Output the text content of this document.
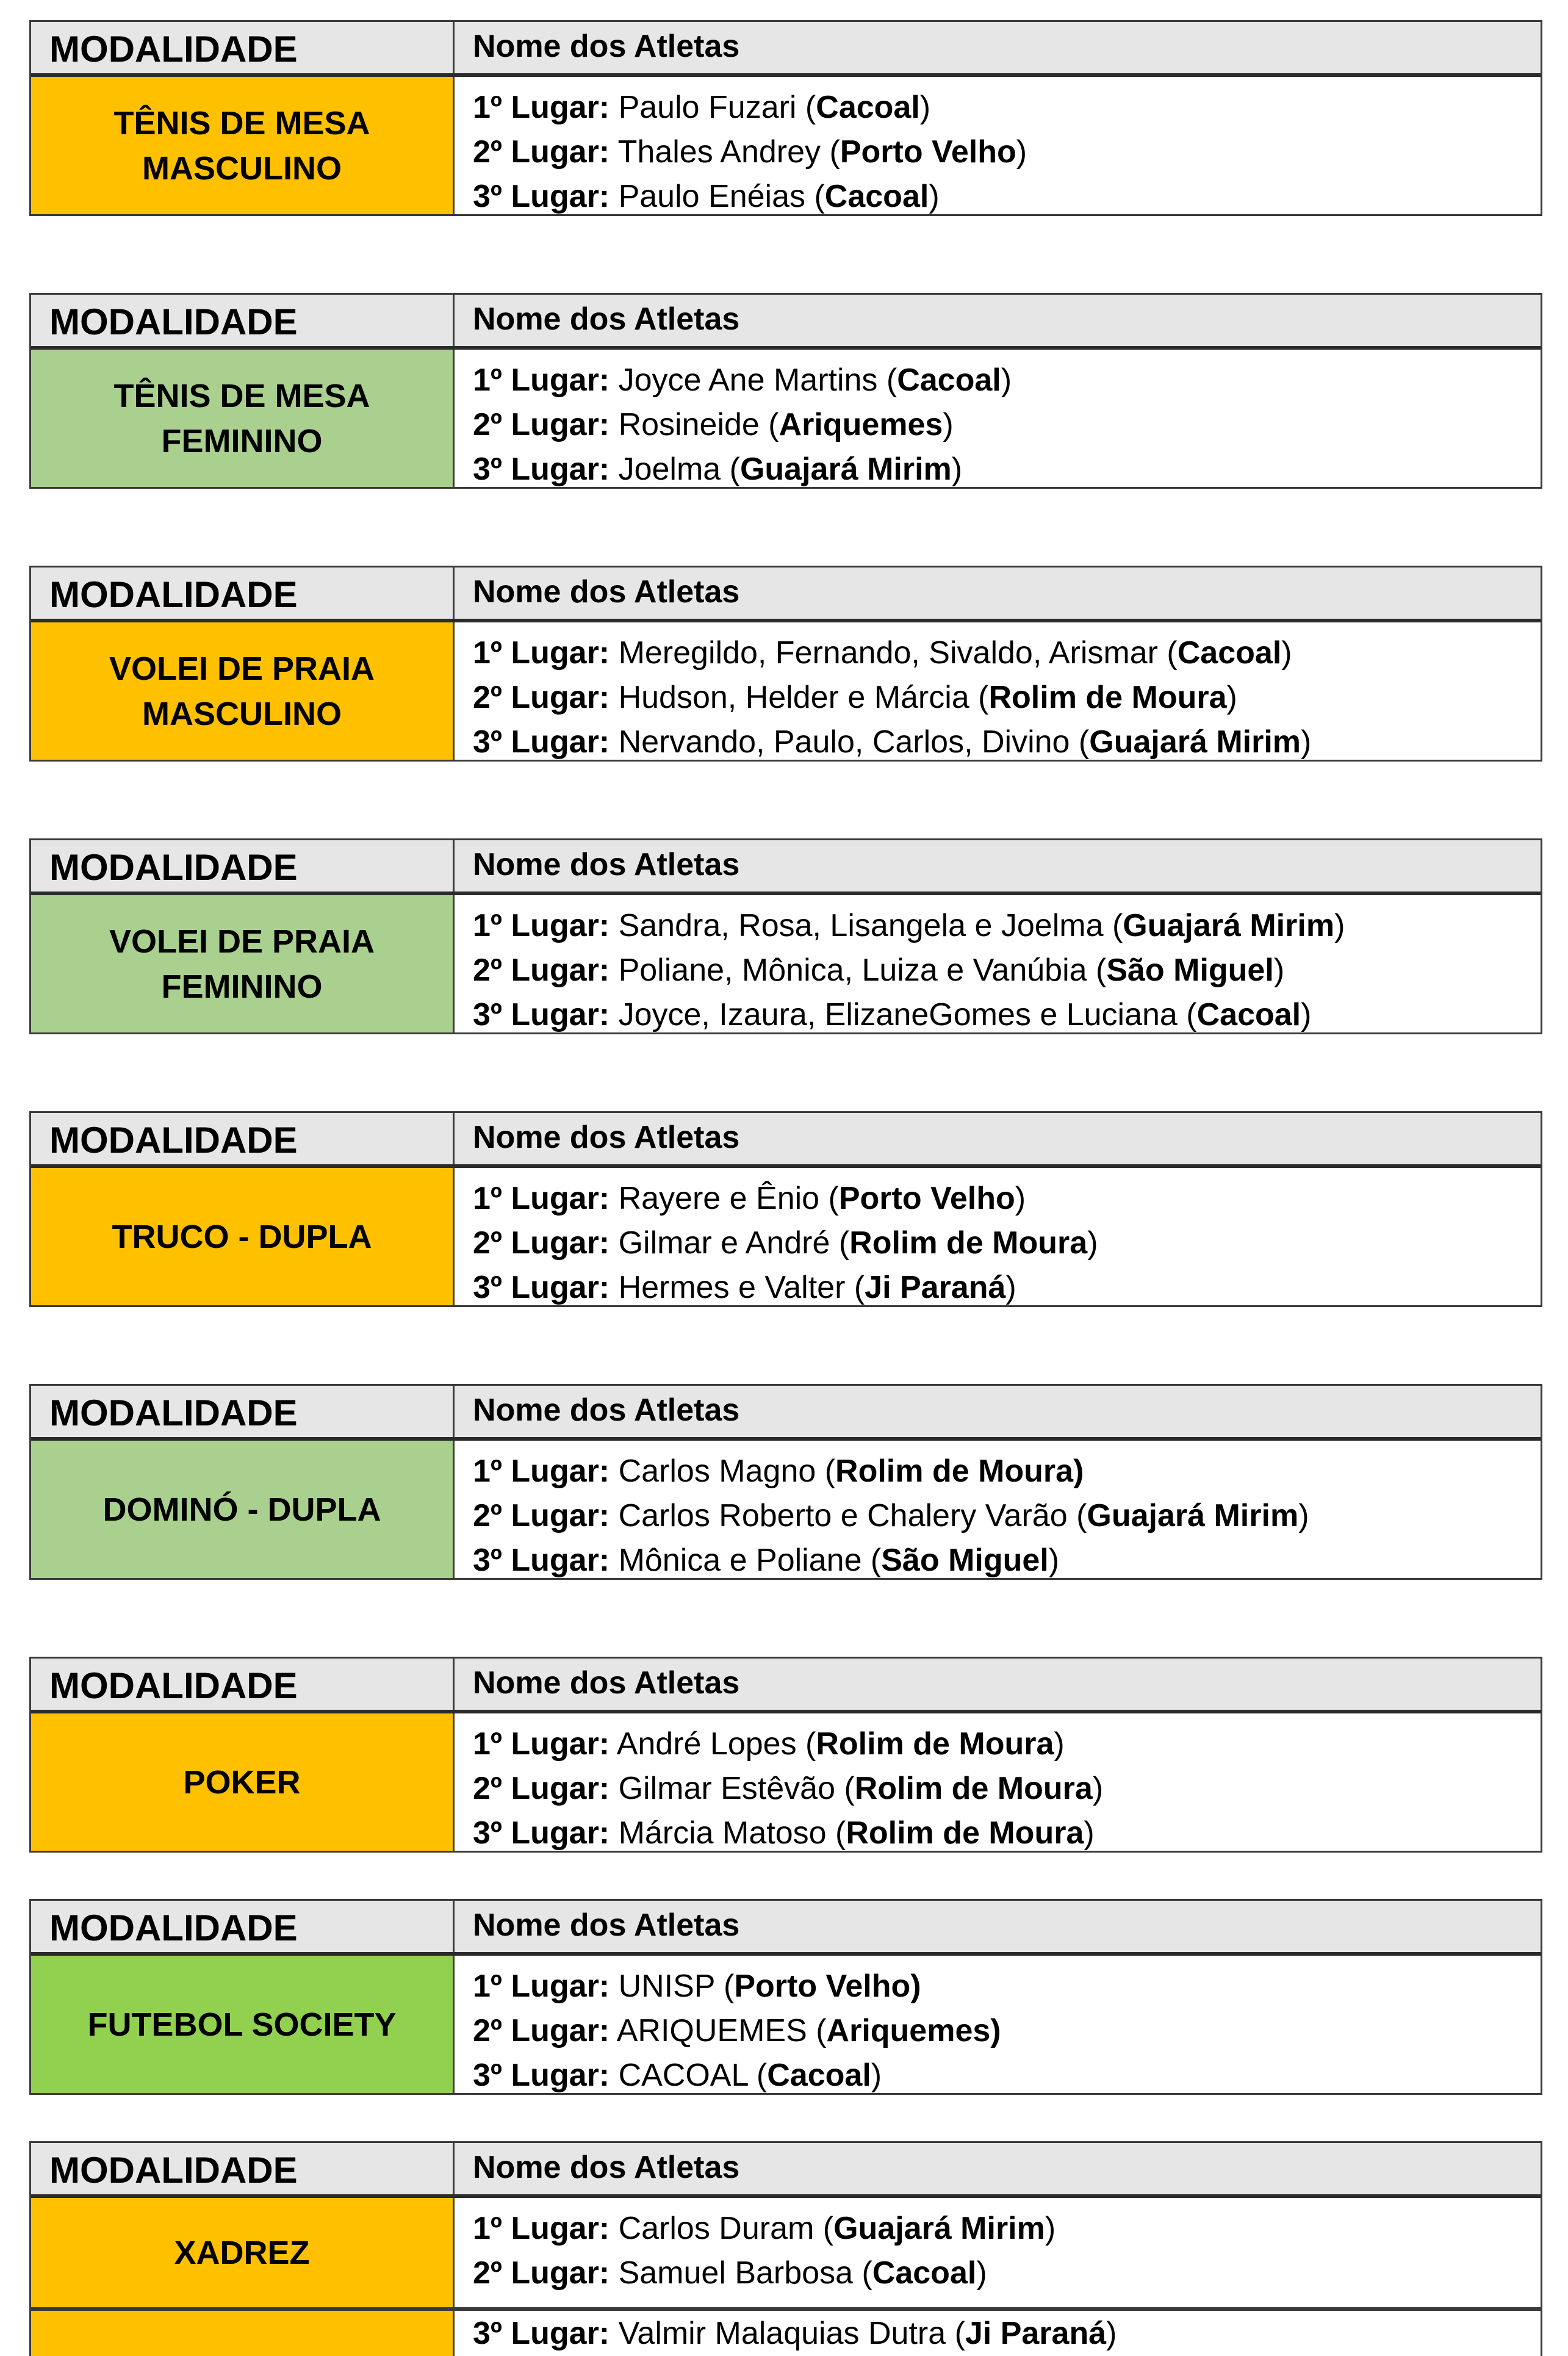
MODALIDADE	Nome dos Atletas
TÊNIS DE MESA
MASCULINO
1º Lugar: Paulo Fuzari (Cacoal)
2º Lugar: Thales Andrey (Porto Velho)
3º Lugar: Paulo Enéias (Cacoal)
MODALIDADE	Nome dos Atletas
TÊNIS DE MESA
FEMININO
1º Lugar: Joyce Ane Martins (Cacoal)
2º Lugar: Rosineide (Ariquemes)
3º Lugar: Joelma (Guajará Mirim)
MODALIDADE	Nome dos Atletas
VOLEI DE PRAIA
MASCULINO
1º Lugar: Meregildo, Fernando, Sivaldo, Arismar (Cacoal)
2º Lugar: Hudson, Helder e Márcia (Rolim de Moura)
3º Lugar: Nervando, Paulo, Carlos, Divino (Guajará Mirim)
MODALIDADE	Nome dos Atletas
VOLEI DE PRAIA
FEMININO
1º Lugar: Sandra, Rosa, Lisangela e Joelma (Guajará Mirim)
2º Lugar: Poliane, Mônica, Luiza e Vanúbia (São Miguel)
3º Lugar: Joyce, Izaura, ElizaneGomes e Luciana (Cacoal)
MODALIDADE	Nome dos Atletas
TRUCO - DUPLA
1º Lugar: Rayere e Ênio (Porto Velho)
2º Lugar: Gilmar e André (Rolim de Moura)
3º Lugar: Hermes e Valter (Ji Paraná)
MODALIDADE	Nome dos Atletas
DOMINÓ - DUPLA
1º Lugar: Carlos Magno (Rolim de Moura)
2º Lugar: Carlos Roberto e Chalery Varão (Guajará Mirim)
3º Lugar: Mônica e Poliane (São Miguel)
MODALIDADE	Nome dos Atletas
POKER
1º Lugar: André Lopes (Rolim de Moura)
2º Lugar: Gilmar Estêvão (Rolim de Moura)
3º Lugar: Márcia Matoso (Rolim de Moura)
MODALIDADE	Nome dos Atletas
FUTEBOL SOCIETY
1º Lugar: UNISP (Porto Velho)
2º Lugar: ARIQUEMES (Ariquemes)
3º Lugar: CACOAL (Cacoal)
MODALIDADE	Nome dos Atletas
XADREZ
1º Lugar: Carlos Duram (Guajará Mirim)
2º Lugar: Samuel Barbosa (Cacoal)
3º Lugar: Valmir Malaquias Dutra (Ji Paraná)
